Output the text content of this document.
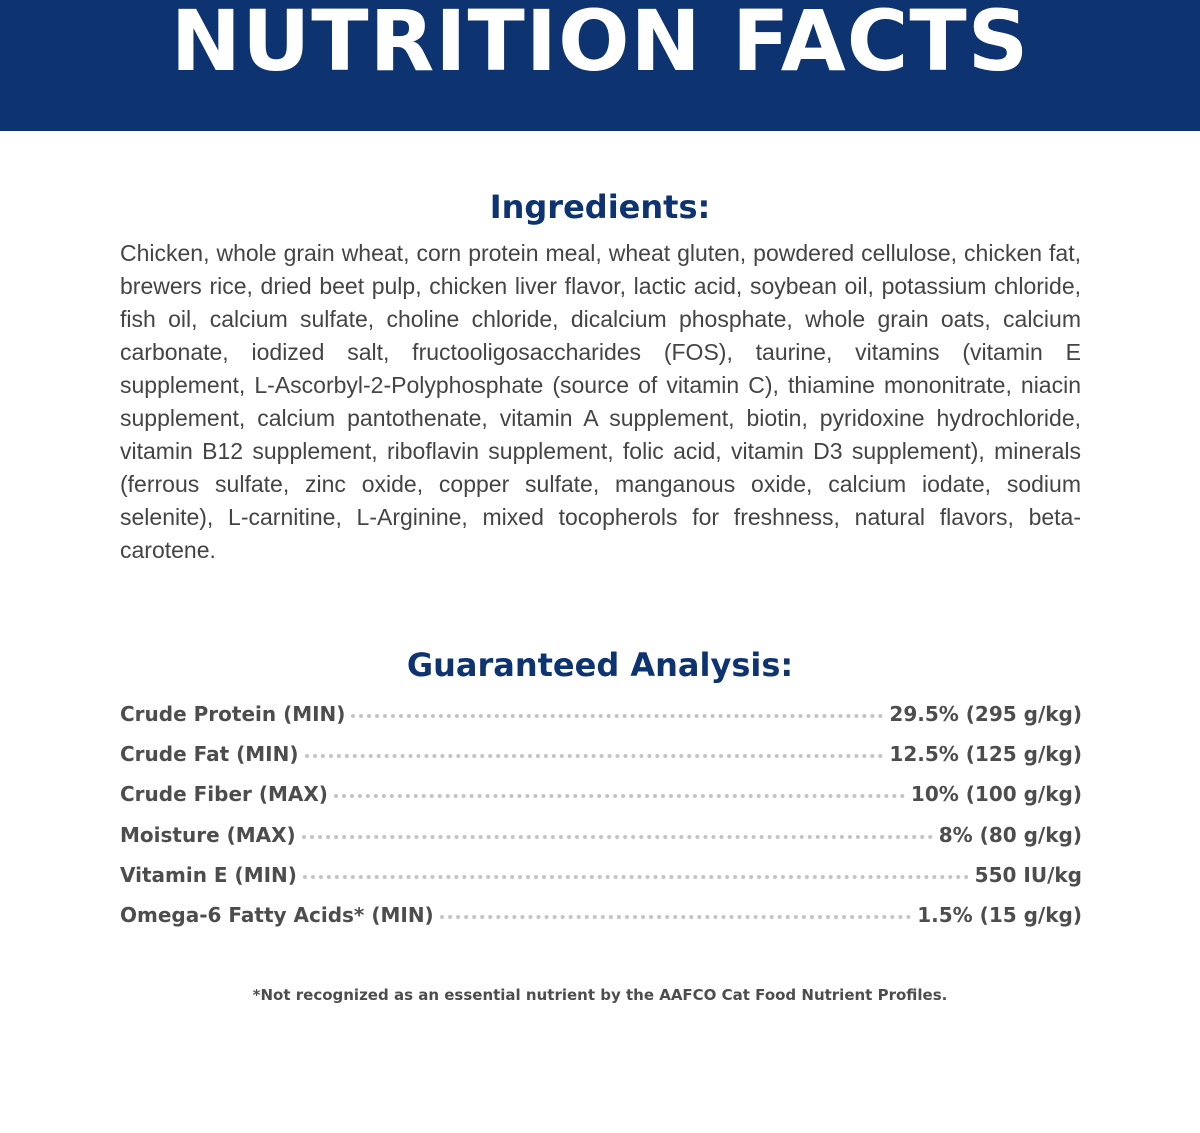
NUTRITION FACTS
Ingredients:

Chicken, whole grain wheat, corn protein meal, wheat gluten, powdered cellulose, chicken fat, brewers rice, dried beet pulp, chicken liver flavor, lactic acid, soybean oil, potassium chloride, fish oil, calcium sulfate, choline chloride, dicalcium phosphate, whole grain oats, calcium carbonate, iodized salt, fructooligosaccharides (FOS), taurine, vitamins (vitamin E supplement, L-Ascorbyl-2-Polyphosphate (source of vitamin C), thiamine mononitrate, niacin supplement, calcium pantothenate, vitamin A supplement, biotin, pyridoxine hydrochloride, vitamin B12 supplement, riboflavin supplement, folic acid, vitamin D3 supplement), minerals (ferrous sulfate, zinc oxide, copper sulfate, manganous oxide, calcium iodate, sodium selenite), L-carnitine, L-Arginine, mixed tocopherols for freshness, natural flavors, beta-carotene.

Guaranteed Analysis:
Crude Protein (MIN)	29.5% (295 g/kg)
Crude Fat (MIN)	12.5% (125 g/kg)
Crude Fiber (MAX)	10% (100 g/kg)
Moisture (MAX)	8% (80 g/kg)
Vitamin E (MIN)	550 IU/kg
Omega-6 Fatty Acids* (MIN)	1.5% (15 g/kg)

*Not recognized as an essential nutrient by the AAFCO Cat Food Nutrient Profiles.
